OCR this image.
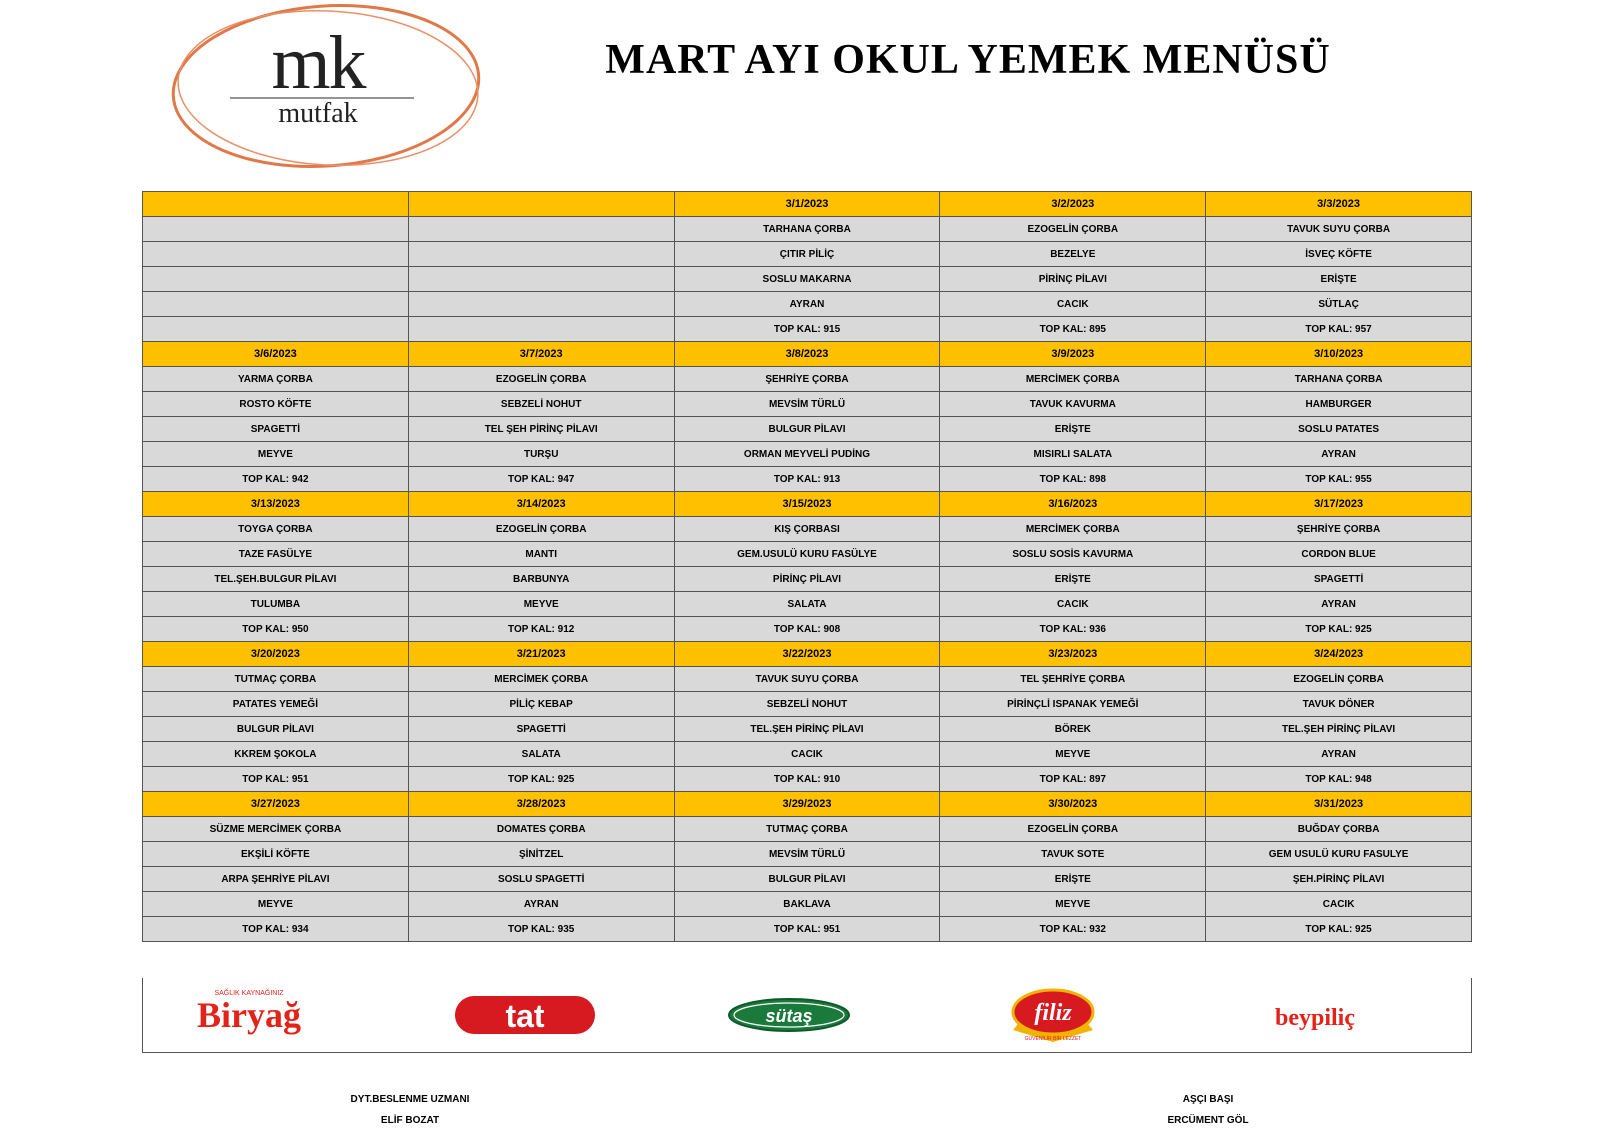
mk
mutfak
MART AYI OKUL YEMEK MENÜSÜ
		3/1/2023	3/2/2023	3/3/2023
		TARHANA ÇORBA	EZOGELİN ÇORBA	TAVUK SUYU ÇORBA
		ÇITIR PİLİÇ	BEZELYE	İSVEÇ KÖFTE
		SOSLU MAKARNA	PİRİNÇ PİLAVI	ERİŞTE
		AYRAN	CACIK	SÜTLAÇ
		TOP KAL: 915	TOP KAL: 895	TOP KAL: 957
3/6/2023	3/7/2023	3/8/2023	3/9/2023	3/10/2023
YARMA ÇORBA	EZOGELİN ÇORBA	ŞEHRİYE ÇORBA	MERCİMEK ÇORBA	TARHANA ÇORBA
ROSTO KÖFTE	SEBZELİ NOHUT	MEVSİM TÜRLÜ	TAVUK KAVURMA	HAMBURGER
SPAGETTİ	TEL ŞEH PİRİNÇ PİLAVI	BULGUR PİLAVI	ERİŞTE	SOSLU PATATES
MEYVE	TURŞU	ORMAN MEYVELİ PUDİNG	MISIRLI SALATA	AYRAN
TOP KAL: 942	TOP KAL: 947	TOP KAL: 913	TOP KAL: 898	TOP KAL: 955
3/13/2023	3/14/2023	3/15/2023	3/16/2023	3/17/2023
TOYGA ÇORBA	EZOGELİN ÇORBA	KIŞ ÇORBASI	MERCİMEK ÇORBA	ŞEHRİYE ÇORBA
TAZE FASÜLYE	MANTI	GEM.USULÜ KURU FASÜLYE	SOSLU SOSİS KAVURMA	CORDON BLUE
TEL.ŞEH.BULGUR PİLAVI	BARBUNYA	PİRİNÇ PİLAVI	ERİŞTE	SPAGETTİ
TULUMBA	MEYVE	SALATA	CACIK	AYRAN
TOP KAL: 950	TOP KAL: 912	TOP KAL: 908	TOP KAL: 936	TOP KAL: 925
3/20/2023	3/21/2023	3/22/2023	3/23/2023	3/24/2023
TUTMAÇ ÇORBA	MERCİMEK ÇORBA	TAVUK SUYU ÇORBA	TEL ŞEHRİYE ÇORBA	EZOGELİN ÇORBA
PATATES YEMEĞİ	PİLİÇ KEBAP	SEBZELİ NOHUT	PİRİNÇLİ ISPANAK YEMEĞİ	TAVUK DÖNER
BULGUR PİLAVI	SPAGETTİ	TEL.ŞEH PİRİNÇ PİLAVI	BÖREK	TEL.ŞEH PİRİNÇ PİLAVI
KKREM ŞOKOLA	SALATA	CACIK	MEYVE	AYRAN
TOP KAL: 951	TOP KAL: 925	TOP KAL: 910	TOP KAL: 897	TOP KAL: 948
3/27/2023	3/28/2023	3/29/2023	3/30/2023	3/31/2023
SÜZME MERCİMEK ÇORBA	DOMATES ÇORBA	TUTMAÇ ÇORBA	EZOGELİN ÇORBA	BUĞDAY ÇORBA
EKŞİLİ KÖFTE	ŞİNİTZEL	MEVSİM TÜRLÜ	TAVUK SOTE	GEM USULÜ KURU FASULYE
ARPA ŞEHRİYE PİLAVI	SOSLU SPAGETTİ	BULGUR PİLAVI	ERİŞTE	ŞEH.PİRİNÇ PİLAVI
MEYVE	AYRAN	BAKLAVA	MEYVE	CACIK
TOP KAL: 934	TOP KAL: 935	TOP KAL: 951	TOP KAL: 932	TOP KAL: 925
SAĞLIK KAYNAĞINIZ
Biryağ	tat	sütaş	filiz
GÜVENİLİR BİR LEZZET
beypiliç
DYT.BESLENME UZMANI
ELİF BOZAT
AŞÇI BAŞI
ERCÜMENT GÖL
